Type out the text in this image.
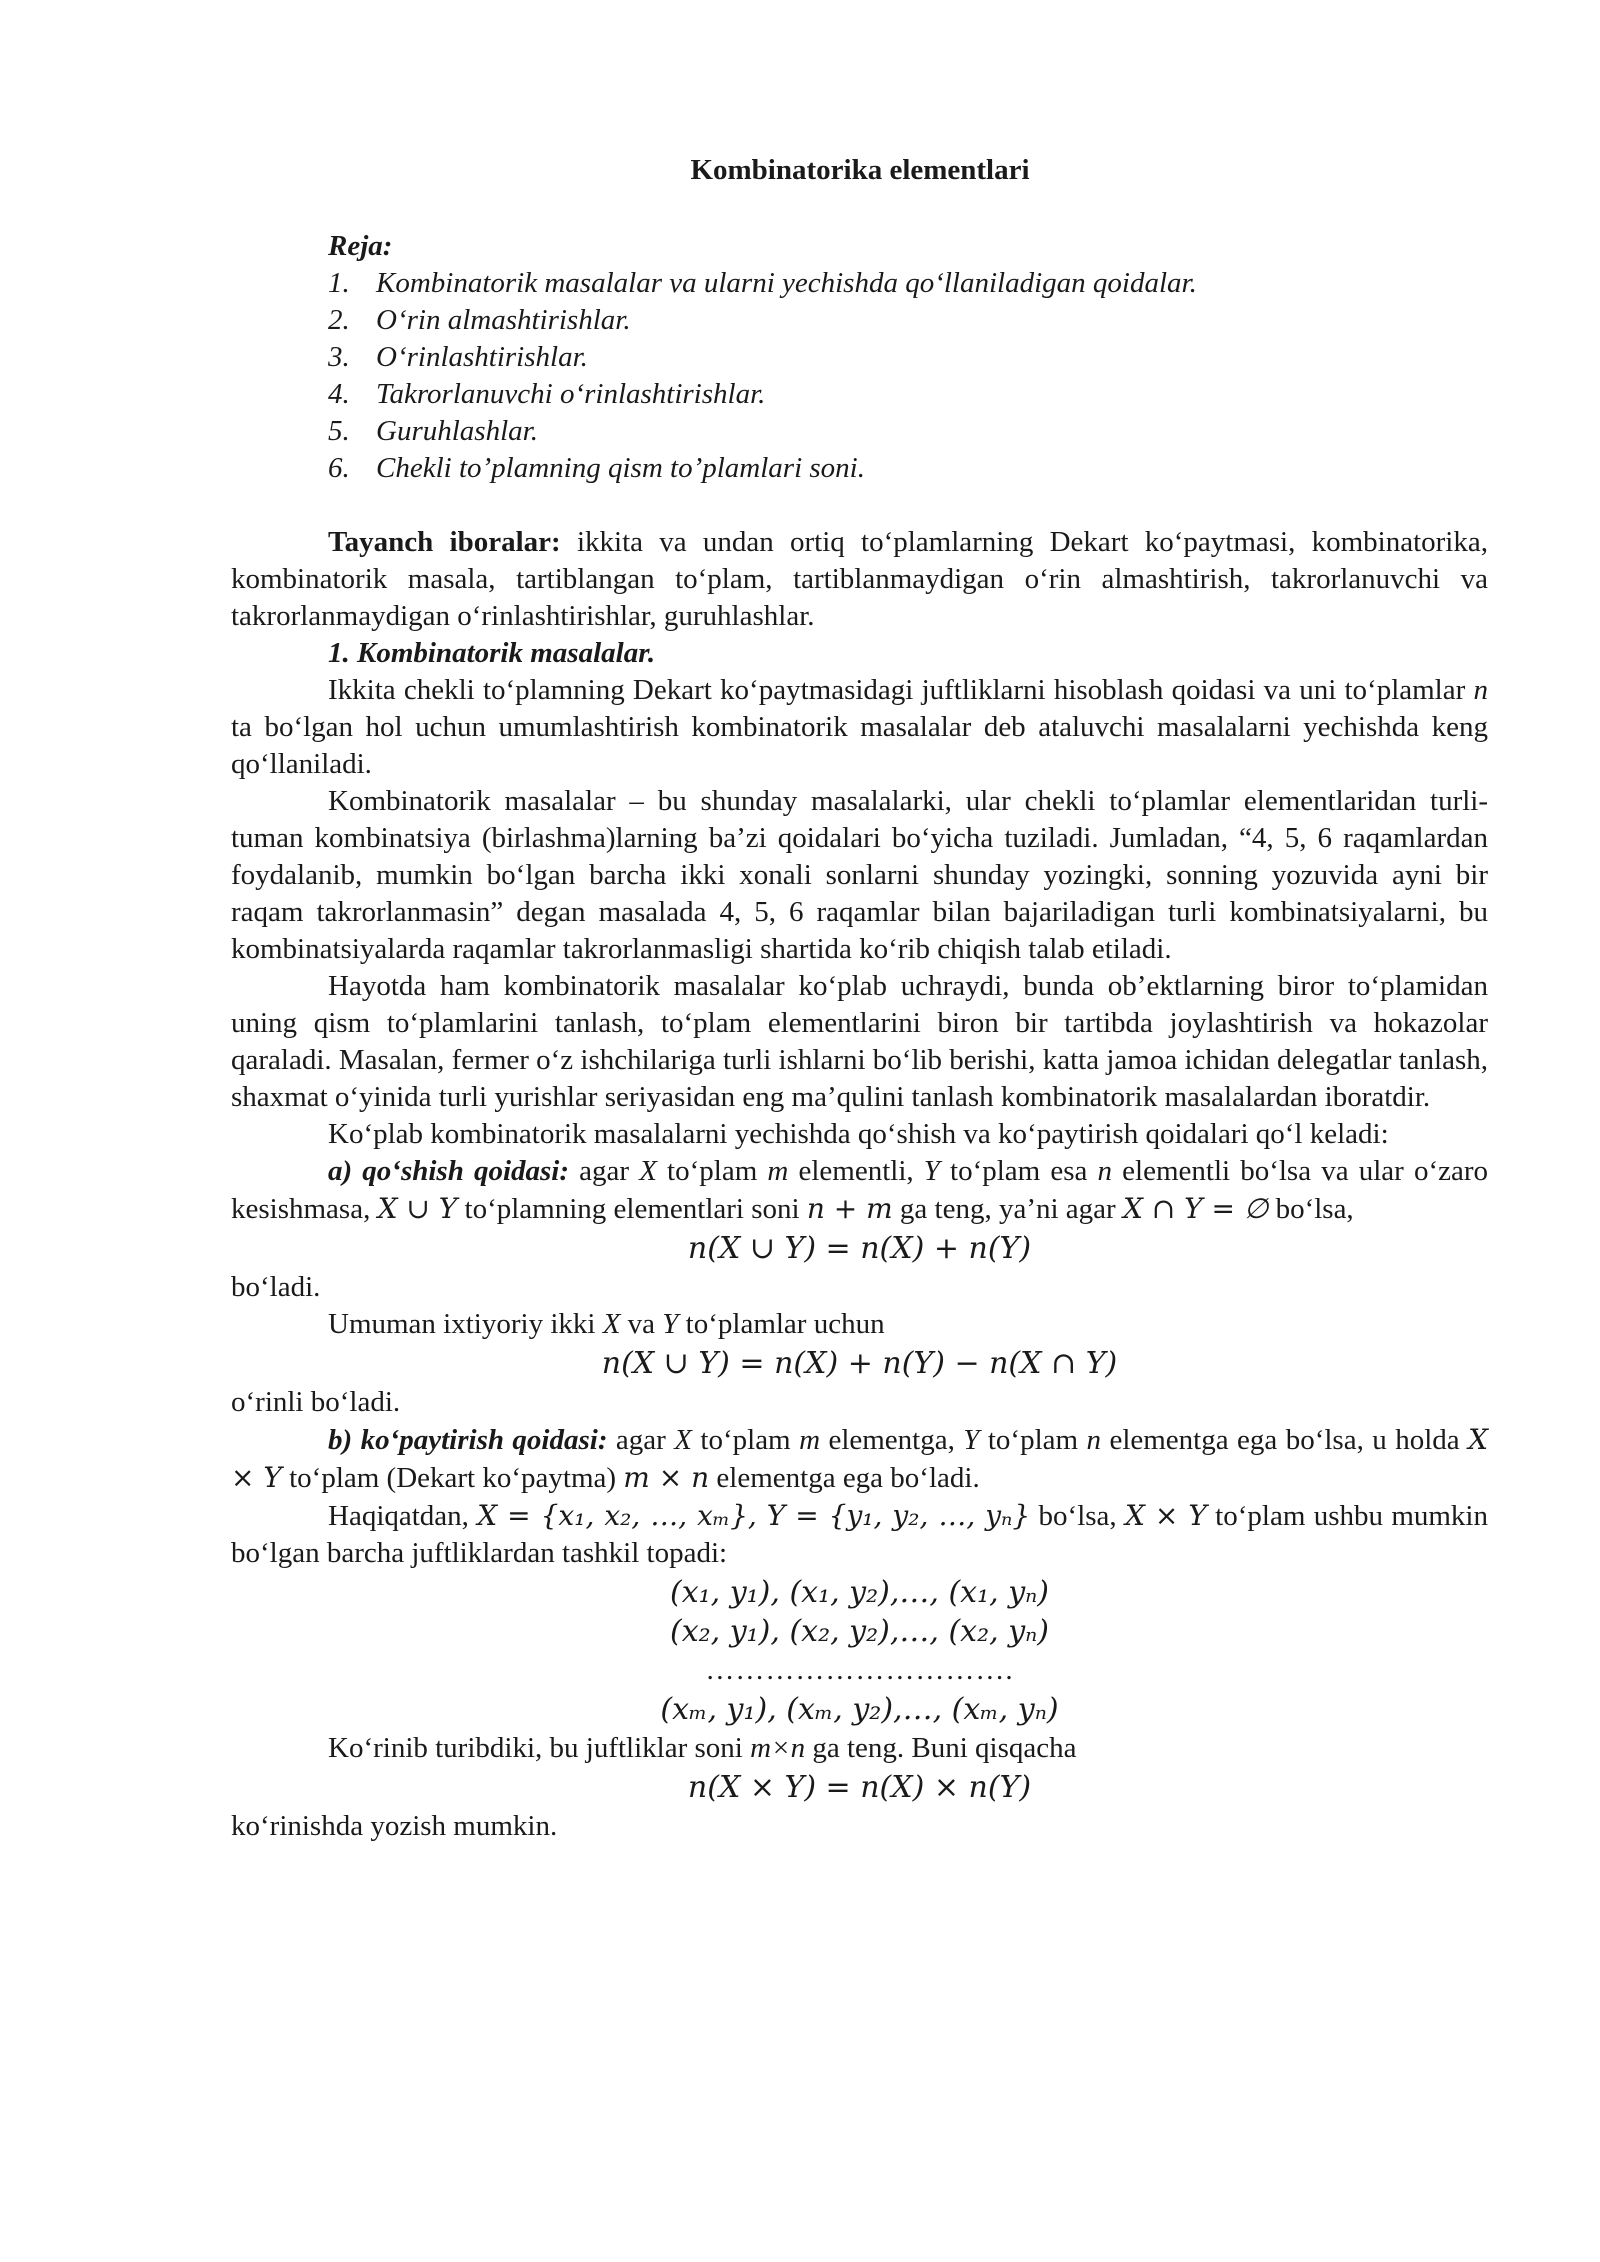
Kombinatorika elementlari
Reja:
1. Kombinatorik masalalar va ularni yechishda qo‘llaniladigan qoidalar.
2. O‘rin almashtirishlar.
3. O‘rinlashtirishlar.
4. Takrorlanuvchi o‘rinlashtirishlar.
5. Guruhlashlar.
6. Chekli to’plamning qism to’plamlari soni.

Tayanch iboralar: ikkita va undan ortiq to‘plamlarning Dekart ko‘paytmasi, kombinatorika, kombinatorik masala, tartiblangan to‘plam, tartiblanmaydigan o‘rin almashtirish, takrorlanuvchi va takrorlanmaydigan o‘rinlashtirishlar, guruhlashlar.

1. Kombinatorik masalalar.

Ikkita chekli to‘plamning Dekart ko‘paytmasidagi juftliklarni hisoblash qoidasi va uni to‘plamlar n ta bo‘lgan hol uchun umumlashtirish kombinatorik masalalar deb ataluvchi masalalarni yechishda keng qo‘llaniladi.

Kombinatorik masalalar – bu shunday masalalarki, ular chekli to‘plamlar elementlaridan turli-tuman kombinatsiya (birlashma)larning ba’zi qoidalari bo‘yicha tuziladi. Jumladan, “4, 5, 6 raqamlardan foydalanib, mumkin bo‘lgan barcha ikki xonali sonlarni shunday yozingki, sonning yozuvida ayni bir raqam takrorlanmasin” degan masalada 4, 5, 6 raqamlar bilan bajariladigan turli kombinatsiyalarni, bu kombinatsiyalarda raqamlar takrorlanmasligi shartida ko‘rib chiqish talab etiladi.

Hayotda ham kombinatorik masalalar ko‘plab uchraydi, bunda ob’ektlarning biror to‘plamidan uning qism to‘plamlarini tanlash, to‘plam elementlarini biron bir tartibda joylashtirish va hokazolar qaraladi. Masalan, fermer o‘z ishchilariga turli ishlarni bo‘lib berishi, katta jamoa ichidan delegatlar tanlash, shaxmat o‘yinida turli yurishlar seriyasidan eng ma’qulini tanlash kombinatorik masalalardan iboratdir.

Ko‘plab kombinatorik masalalarni yechishda qo‘shish va ko‘paytirish qoidalari qo‘l keladi:

a) qo‘shish qoidasi: agar X to‘plam m elementli, Y to‘plam esa n elementli bo‘lsa va ular o‘zaro kesishmasa, X ∪ Y to‘plamning elementlari soni n + m ga teng, ya’ni agar X ∩ Y = ∅ bo‘lsa,

n(X ∪ Y) = n(X) + n(Y)

bo‘ladi.

Umuman ixtiyoriy ikki X va Y to‘plamlar uchun

n(X ∪ Y) = n(X) + n(Y) − n(X ∩ Y)

o‘rinli bo‘ladi.

b) ko‘paytirish qoidasi: agar X to‘plam m elementga, Y to‘plam n elementga ega bo‘lsa, u holda X × Y to‘plam (Dekart ko‘paytma) m × n elementga ega bo‘ladi.

Haqiqatdan, X = {x₁, x₂, …, xₘ}, Y = {y₁, y₂, …, yₙ} bo‘lsa, X × Y to‘plam ushbu mumkin bo‘lgan barcha juftliklardan tashkil topadi:

(x₁, y₁), (x₁, y₂),…, (x₁, yₙ)
(x₂, y₁), (x₂, y₂),…, (x₂, yₙ)
………………………….
(xₘ, y₁), (xₘ, y₂),…, (xₘ, yₙ)

Ko‘rinib turibdiki, bu juftliklar soni m×n ga teng. Buni qisqacha

n(X × Y) = n(X) × n(Y)

ko‘rinishda yozish mumkin.
